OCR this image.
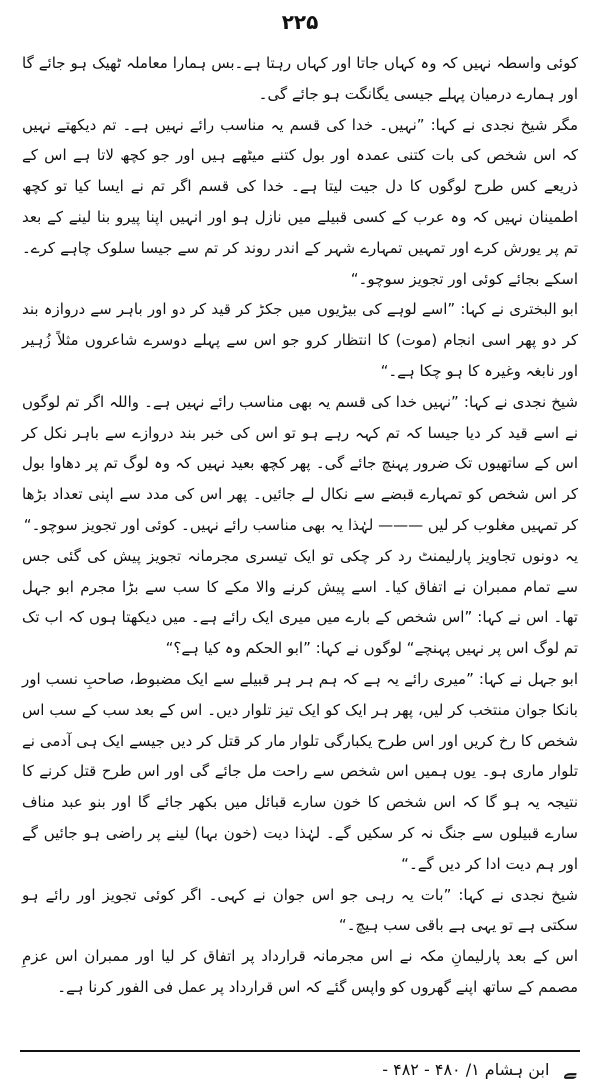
۲۲۵

کوئی واسطہ نہیں کہ وہ کہاں جاتا اور کہاں رہتا ہے۔بس ہمارا معاملہ ٹھیک ہو جائے گا اور ہمارے درمیان پہلے جیسی یگانگت ہو جائے گی۔

مگر شیخ نجدی نے کہا: ”نہیں۔ خدا کی قسم یہ مناسب رائے نہیں ہے۔ تم دیکھتے نہیں کہ اس شخص کی بات کتنی عمدہ اور بول کتنے میٹھے ہیں اور جو کچھ لاتا ہے اس کے ذریعے کس طرح لوگوں کا دل جیت لیتا ہے۔ خدا کی قسم اگر تم نے ایسا کیا تو کچھ اطمینان نہیں کہ وہ عرب کے کسی قبیلے میں نازل ہو اور انہیں اپنا پیرو بنا لینے کے بعد تم پر یورش کرے اور تمہیں تمہارے شہر کے اندر روند کر تم سے جیسا سلوک چاہے کرے۔ اسکے بجائے کوئی اور تجویز سوچو۔“

ابو البختری نے کہا: ”اسے لوہے کی بیڑیوں میں جکڑ کر قید کر دو اور باہر سے دروازہ بند کر دو پھر اسی انجام (موت) کا انتظار کرو جو اس سے پہلے دوسرے شاعروں مثلاً زُہیر اور نابغہ وغیرہ کا ہو چکا ہے۔“

شیخ نجدی نے کہا: ”نہیں خدا کی قسم یہ بھی مناسب رائے نہیں ہے۔ واللہ اگر تم لوگوں نے اسے قید کر دیا جیسا کہ تم کہہ رہے ہو تو اس کی خبر بند دروازے سے باہر نکل کر اس کے ساتھیوں تک ضرور پہنچ جائے گی۔ پھر کچھ بعید نہیں کہ وہ لوگ تم پر دھاوا بول کر اس شخص کو تمہارے قبضے سے نکال لے جائیں۔ پھر اس کی مدد سے اپنی تعداد بڑھا کر تمہیں مغلوب کر لیں ——— لہٰذا یہ بھی مناسب رائے نہیں۔ کوئی اور تجویز سوچو۔“

یہ دونوں تجاویز پارلیمنٹ رد کر چکی تو ایک تیسری مجرمانہ تجویز پیش کی گئی جس سے تمام ممبران نے اتفاق کیا۔ اسے پیش کرنے والا مکے کا سب سے بڑا مجرم ابو جہل تھا۔ اس نے کہا: ”اس شخص کے بارے میں میری ایک رائے ہے۔ میں دیکھتا ہوں کہ اب تک تم لوگ اس پر نہیں پہنچے“ لوگوں نے کہا: ”ابو الحکم وہ کیا ہے؟“

ابو جہل نے کہا: ”میری رائے یہ ہے کہ ہم ہر ہر قبیلے سے ایک مضبوط، صاحبِ نسب اور بانکا جوان منتخب کر لیں، پھر ہر ایک کو ایک تیز تلوار دیں۔ اس کے بعد سب کے سب اس شخص کا رخ کریں اور اس طرح یکبارگی تلوار مار کر قتل کر دیں جیسے ایک ہی آدمی نے تلوار ماری ہو۔ یوں ہمیں اس شخص سے راحت مل جائے گی اور اس طرح قتل کرنے کا نتیجہ یہ ہو گا کہ اس شخص کا خون سارے قبائل میں بکھر جائے گا اور بنو عبد مناف سارے قبیلوں سے جنگ نہ کر سکیں گے۔ لہٰذا دیت (خون بہا) لینے پر راضی ہو جائیں گے اور ہم دیت ادا کر دیں گے۔“

شیخ نجدی نے کہا: ”بات یہ رہی جو اس جوان نے کہی۔ اگر کوئی تجویز اور رائے ہو سکتی ہے تو یہی ہے باقی سب ہیچ۔“

اس کے بعد پارلیمانِ مکہ نے اس مجرمانہ قرارداد پر اتفاق کر لیا اور ممبران اس عزمِ مصمم کے ساتھ اپنے گھروں کو واپس گئے کہ اس قرارداد پر عمل فی الفور کرنا ہے۔

ﮯابن ہشام ۱/ ۴۸۰ - ۴۸۲ -
